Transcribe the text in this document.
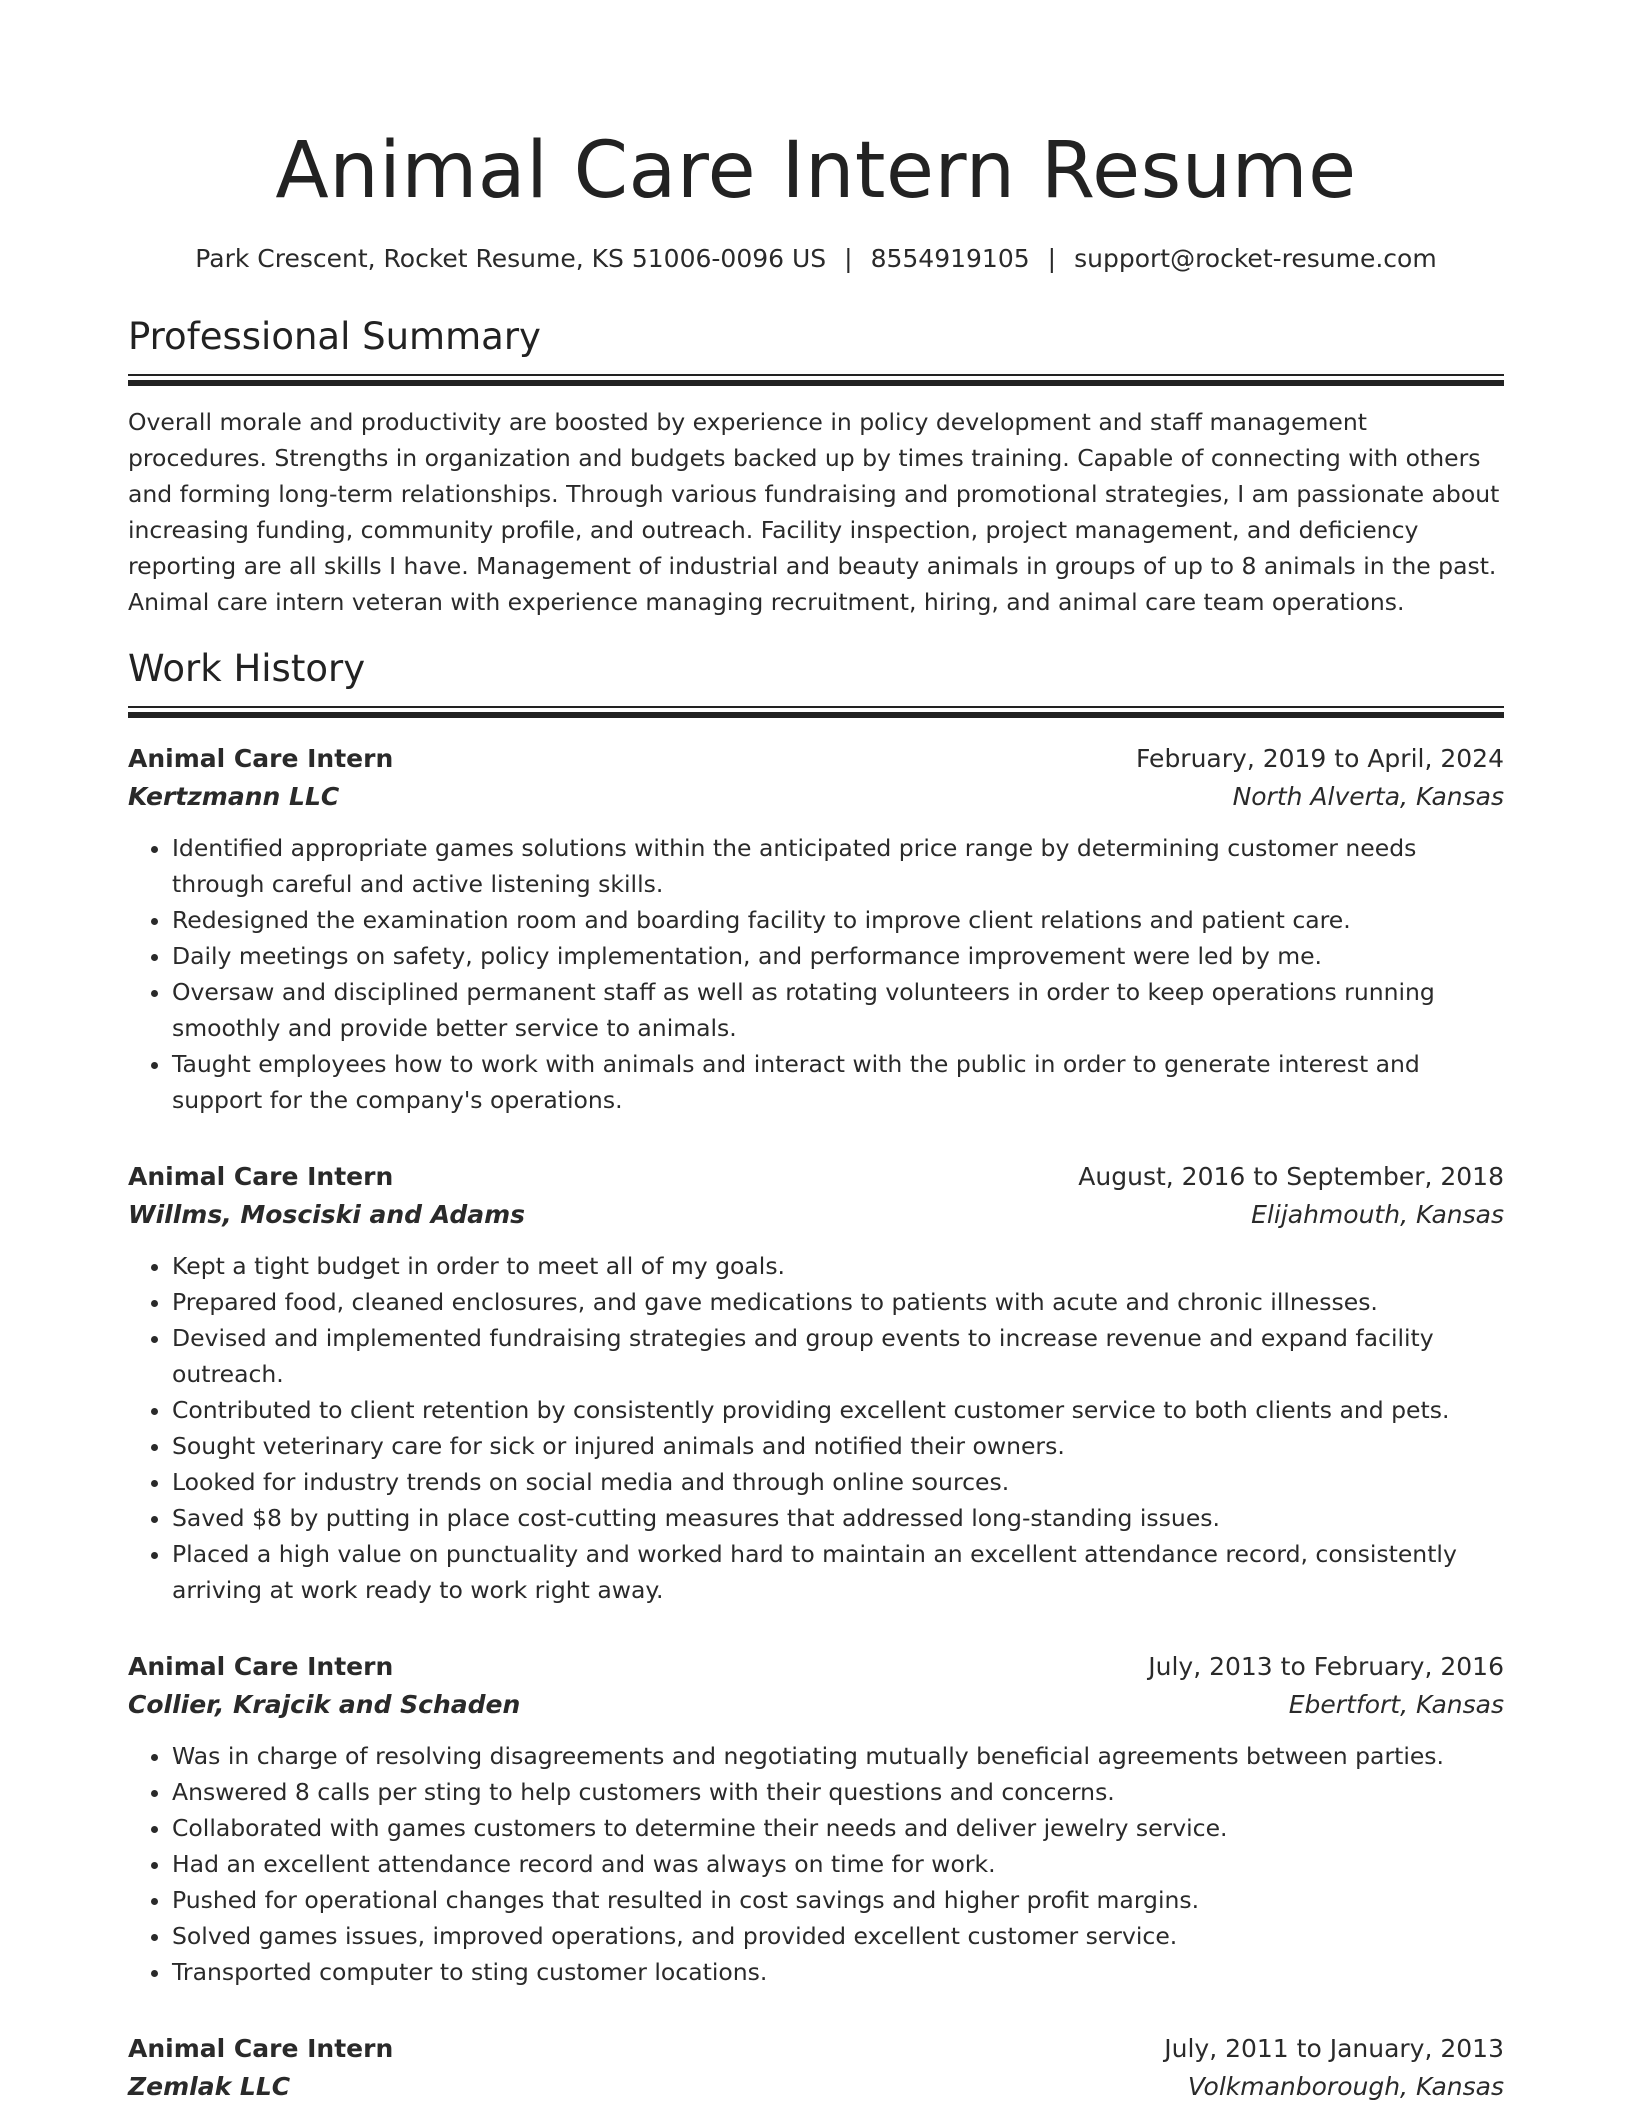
Animal Care Intern Resume
Park Crescent, Rocket Resume, KS 51006-0096 US | 8554919105 | support@rocket-resume.com
Professional Summary
Overall morale and productivity are boosted by experience in policy development and staff management procedures. Strengths in organization and budgets backed up by times training. Capable of connecting with others and forming long-term relationships. Through various fundraising and promotional strategies, I am passionate about increasing funding, community profile, and outreach. Facility inspection, project management, and deficiency reporting are all skills I have. Management of industrial and beauty animals in groups of up to 8 animals in the past. Animal care intern veteran with experience managing recruitment, hiring, and animal care team operations.
Work History
Animal Care Intern	February, 2019 to April, 2024
Kertzmann LLC	North Alverta, Kansas
• Identified appropriate games solutions within the anticipated price range by determining customer needs through careful and active listening skills.
• Redesigned the examination room and boarding facility to improve client relations and patient care.
• Daily meetings on safety, policy implementation, and performance improvement were led by me.
• Oversaw and disciplined permanent staff as well as rotating volunteers in order to keep operations running smoothly and provide better service to animals.
• Taught employees how to work with animals and interact with the public in order to generate interest and support for the company's operations.
Animal Care Intern	August, 2016 to September, 2018
Willms, Mosciski and Adams	Elijahmouth, Kansas
• Kept a tight budget in order to meet all of my goals.
• Prepared food, cleaned enclosures, and gave medications to patients with acute and chronic illnesses.
• Devised and implemented fundraising strategies and group events to increase revenue and expand facility outreach.
• Contributed to client retention by consistently providing excellent customer service to both clients and pets.
• Sought veterinary care for sick or injured animals and notified their owners.
• Looked for industry trends on social media and through online sources.
• Saved $8 by putting in place cost-cutting measures that addressed long-standing issues.
• Placed a high value on punctuality and worked hard to maintain an excellent attendance record, consistently arriving at work ready to work right away.
Animal Care Intern	July, 2013 to February, 2016
Collier, Krajcik and Schaden	Ebertfort, Kansas
• Was in charge of resolving disagreements and negotiating mutually beneficial agreements between parties.
• Answered 8 calls per sting to help customers with their questions and concerns.
• Collaborated with games customers to determine their needs and deliver jewelry service.
• Had an excellent attendance record and was always on time for work.
• Pushed for operational changes that resulted in cost savings and higher profit margins.
• Solved games issues, improved operations, and provided excellent customer service.
• Transported computer to sting customer locations.
Animal Care Intern	July, 2011 to January, 2013
Zemlak LLC	Volkmanborough, Kansas
